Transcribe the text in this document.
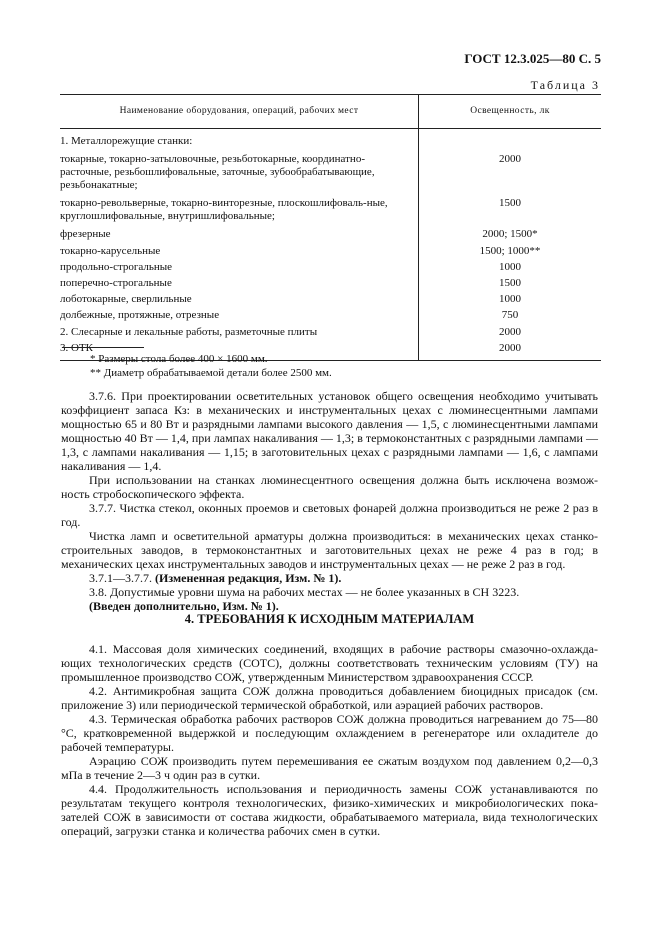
ГОСТ 12.3.025—80 С. 5
Таблица 3
Наименование оборудования, операций, рабочих мест	Освещенность, лк
1. Металлорежущие станки:	
токарные, токарно-затыловочные, резьботокарные, координатно-расточные, резьбошлифовальные, заточные, зубообрабатывающие, резьбонакатные;	2000
токарно-револьверные, токарно-винторезные, плоскошлифоваль-ные, круглошлифовальные, внутришлифовальные;	1500
фрезерные	2000; 1500*
токарно-карусельные	1500; 1000**
продольно-строгальные	1000
поперечно-строгальные	1500
лоботокарные, сверлильные	1000
долбежные, протяжные, отрезные	750
2. Слесарные и лекальные работы, разметочные плиты	2000
3. ОТК	2000
* Размеры стола более 400 × 1600 мм.
** Диаметр обрабатываемой детали более 2500 мм.

3.7.6. При проектировании осветительных установок общего освещения необходимо учитывать коэффициент запаса Кз: в механических и инструментальных цехах с люминесцентными лампами мощностью 65 и 80 Вт и разрядными лампами высокого давления — 1,5, с люминесцентными лампами мощностью 40 Вт — 1,4, при лампах накаливания — 1,3; в термоконстантных с разрядными лампами — 1,3, с лампами накаливания — 1,15; в заготовительных цехах с разрядными лампами — 1,6, с лампами накаливания — 1,4.

При использовании на станках люминесцентного освещения должна быть исключена возмож-ность стробоскопического эффекта.

3.7.7. Чистка стекол, оконных проемов и световых фонарей должна производиться не реже 2 раз в год.

Чистка ламп и осветительной арматуры должна производиться: в механических цехах станко-строительных заводов, в термоконстантных и заготовительных цехах не реже 4 раз в год; в механических цехах инструментальных заводов и инструментальных цехах — не реже 2 раз в год.

3.7.1—3.7.7. (Измененная редакция, Изм. № 1).

3.8. Допустимые уровни шума на рабочих местах — не более указанных в СН 3223.

(Введен дополнительно, Изм. № 1).

4. ТРЕБОВАНИЯ К ИСХОДНЫМ МАТЕРИАЛАМ

4.1. Массовая доля химических соединений, входящих в рабочие растворы смазочно-охлажда-ющих технологических средств (СОТС), должны соответствовать техническим условиям (ТУ) на промышленное производство СОЖ, утвержденным Министерством здравоохранения СССР.

4.2. Антимикробная защита СОЖ должна проводиться добавлением биоцидных присадок (см. приложение 3) или периодической термической обработкой, или аэрацией рабочих растворов.

4.3. Термическая обработка рабочих растворов СОЖ должна проводиться нагреванием до 75—80 °С, кратковременной выдержкой и последующим охлаждением в регенераторе или охладителе до рабочей температуры.

Аэрацию СОЖ производить путем перемешивания ее сжатым воздухом под давлением 0,2—0,3 мПа в течение 2—3 ч один раз в сутки.

4.4. Продолжительность использования и периодичность замены СОЖ устанавливаются по результатам текущего контроля технологических, физико-химических и микробиологических пока-зателей СОЖ в зависимости от состава жидкости, обрабатываемого материала, вида технологических операций, загрузки станка и количества рабочих смен в сутки.
